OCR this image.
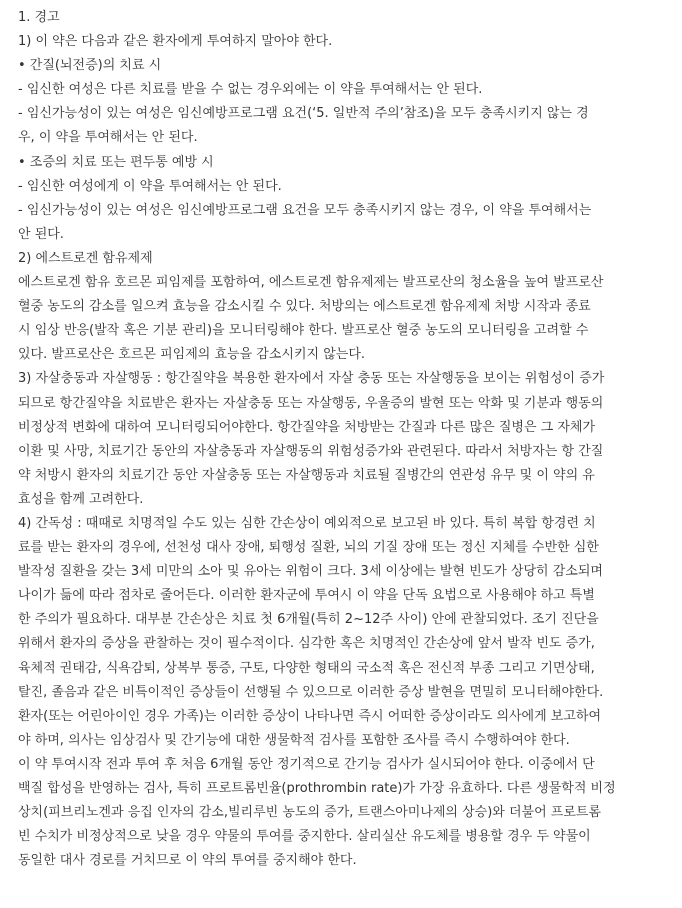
1. 경고
1) 이 약은 다음과 같은 환자에게 투여하지 말아야 한다.
• 간질(뇌전증)의 치료 시
- 임신한 여성은 다른 치료를 받을 수 없는 경우외에는 이 약을 투여해서는 안 된다.
- 임신가능성이 있는 여성은 임신예방프로그램 요건(‘5. 일반적 주의’참조)을 모두 충족시키지 않는 경
우, 이 약을 투여해서는 안 된다.
• 조증의 치료 또는 편두통 예방 시
- 임신한 여성에게 이 약을 투여해서는 안 된다.
- 임신가능성이 있는 여성은 임신예방프로그램 요건을 모두 충족시키지 않는 경우, 이 약을 투여해서는
안 된다.
2) 에스트로겐 함유제제
에스트로겐 함유 호르몬 피임제를 포함하여, 에스트로겐 함유제제는 발프로산의 청소율을 높여 발프로산
혈중 농도의 감소를 일으켜 효능을 감소시킬 수 있다. 처방의는 에스트로겐 함유제제 처방 시작과 종료
시 임상 반응(발작 혹은 기분 관리)을 모니터링해야 한다. 발프로산 혈중 농도의 모니터링을 고려할 수
있다. 발프로산은 호르몬 피임제의 효능을 감소시키지 않는다.
3) 자살충동과 자살행동 : 항간질약을 복용한 환자에서 자살 충동 또는 자살행동을 보이는 위험성이 증가
되므로 항간질약을 치료받은 환자는 자살충동 또는 자살행동, 우울증의 발현 또는 악화 및 기분과 행동의
비정상적 변화에 대하여 모니터링되어야한다. 항간질약을 처방받는 간질과 다른 많은 질병은 그 자체가
이환 및 사망, 치료기간 동안의 자살충동과 자살행동의 위험성증가와 관련된다. 따라서 처방자는 항 간질
약 처방시 환자의 치료기간 동안 자살충동 또는 자살행동과 치료될 질병간의 연관성 유무 및 이 약의 유
효성을 함께 고려한다.
4) 간독성 : 때때로 치명적일 수도 있는 심한 간손상이 예외적으로 보고된 바 있다. 특히 복합 항경련 치
료를 받는 환자의 경우에, 선천성 대사 장애, 퇴행성 질환, 뇌의 기질 장애 또는 정신 지체를 수반한 심한
발작성 질환을 갖는 3세 미만의 소아 및 유아는 위험이 크다. 3세 이상에는 발현 빈도가 상당히 감소되며
나이가 듦에 따라 점차로 줄어든다. 이러한 환자군에 투여시 이 약을 단독 요법으로 사용해야 하고 특별
한 주의가 필요하다. 대부분 간손상은 치료 첫 6개월(특히 2~12주 사이) 안에 관찰되었다. 조기 진단을
위해서 환자의 증상을 관찰하는 것이 필수적이다. 심각한 혹은 치명적인 간손상에 앞서 발작 빈도 증가,
육체적 권태감, 식욕감퇴, 상복부 통증, 구토, 다양한 형태의 국소적 혹은 전신적 부종 그리고 기면상태,
탈진, 졸음과 같은 비특이적인 증상들이 선행될 수 있으므로 이러한 증상 발현을 면밀히 모니터해야한다.
환자(또는 어린아이인 경우 가족)는 이러한 증상이 나타나면 즉시 어떠한 증상이라도 의사에게 보고하여
야 하며, 의사는 임상검사 및 간기능에 대한 생물학적 검사를 포함한 조사를 즉시 수행하여야 한다.
이 약 투여시작 전과 투여 후 처음 6개월 동안 정기적으로 간기능 검사가 실시되어야 한다. 이중에서 단
백질 합성을 반영하는 검사, 특히 프로트롬빈율(prothrombin rate)가 가장 유효하다. 다른 생물학적 비정
상치(피브리노겐과 응집 인자의 감소,빌리루빈 농도의 증가, 트랜스아미나제의 상승)와 더불어 프로트롬
빈 수치가 비정상적으로 낮을 경우 약물의 투여를 중지한다. 살리실산 유도체를 병용할 경우 두 약물이
동일한 대사 경로를 거치므로 이 약의 투여를 중지해야 한다.
